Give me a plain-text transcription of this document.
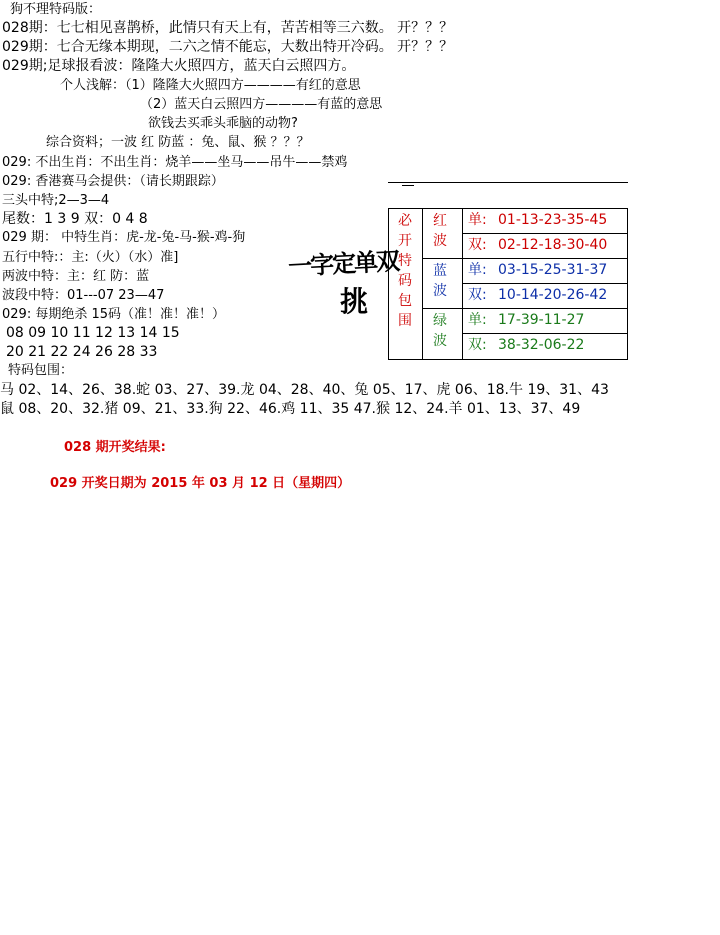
狗不理特码版：
028期：七七相见喜鹊桥，此情只有天上有，苦苦相等三六数。 开？？？
029期：七合无缘本期现，二六之情不能忘，大数出特开冷码。 开？？？
029期;足球报看波：隆隆大火照四方，蓝天白云照四方。
个人浅解：（1）隆隆大火照四方————有红的意思
（2）蓝天白云照四方————有蓝的意思
欲钱去买乖头乖脑的动物?
综合资料；一波 红 防蓝 ：兔、鼠、猴 ？？？
029: 不出生肖：不出生肖：烧羊——坐马——吊牛——禁鸡
029: 香港赛马会提供：（请长期跟踪）
三头中特;2—3—4
尾数：1 3 9 双：0 4 8
029 期： 中特生肖：虎-龙-兔-马-猴-鸡-狗
五行中特:：主:（火）（水）准]
两波中特：主：红 防：蓝
波段中特：01---07 23—47
029: 每期绝杀 15码（准！准！准！）
08 09 10 11 12 13 14 15
20 21 22 24 26 28 33
特码包围：
马 02、14、26、38.蛇 03、27、39.龙 04、28、40、兔 05、17、虎 06、18.牛 19、31、43
鼠 08、20、32.猪 09、21、33.狗 22、46.鸡 11、35 47.猴 12、24.羊 01、13、37、49
028 期开奖结果:
029 开奖日期为 2015 年 03 月 12 日（星期四）
一字定单双
挑
必
开
特
码
包
围
红
波
单: 01-13-23-35-45
双: 02-12-18-30-40
蓝
波
单: 03-15-25-31-37
双: 10-14-20-26-42
绿
波
单: 17-39-11-27
双: 38-32-06-22
